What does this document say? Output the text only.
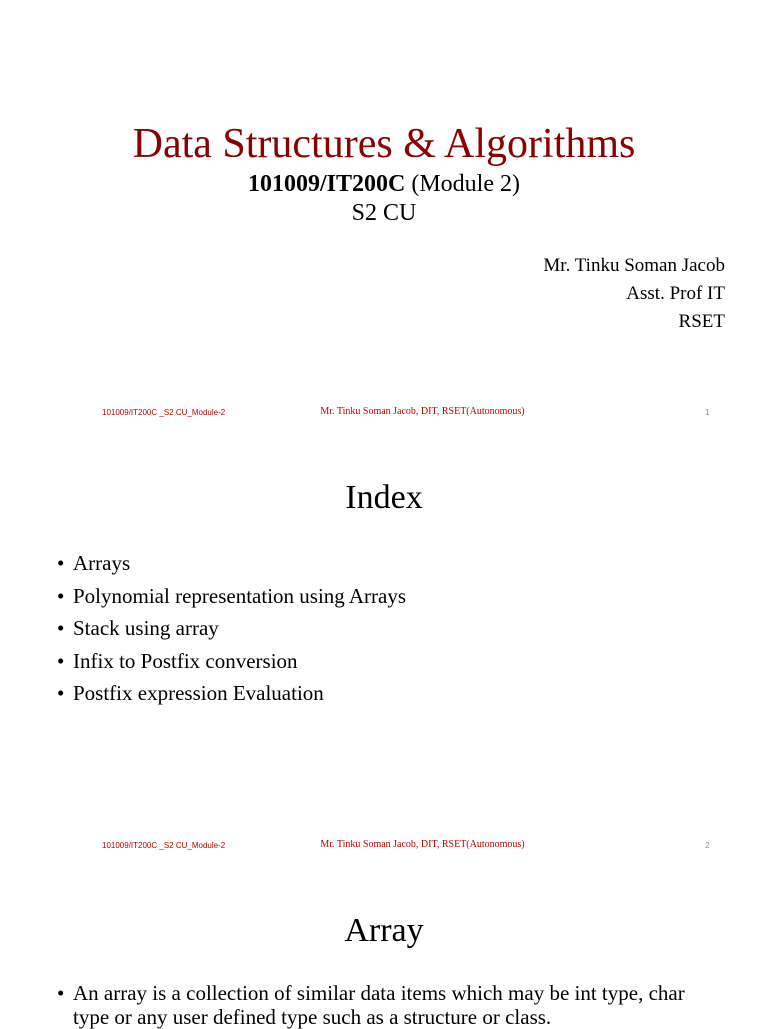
Data Structures & Algorithms
101009/IT200C (Module 2)
S2 CU
Mr. Tinku Soman Jacob
Asst. Prof IT
RSET
101009/IT200C _S2 CU_Module-2	Mr. Tinku Soman Jacob, DIT, RSET(Autonomous)	1
Index
• Arrays
• Polynomial representation using Arrays
• Stack using array
• Infix to Postfix conversion
• Postfix expression Evaluation
101009/IT200C _S2 CU_Module-2	Mr. Tinku Soman Jacob, DIT, RSET(Autonomous)	2
Array
• An array is a collection of similar data items which may be int type, char type or any user defined type such as a structure or class.
